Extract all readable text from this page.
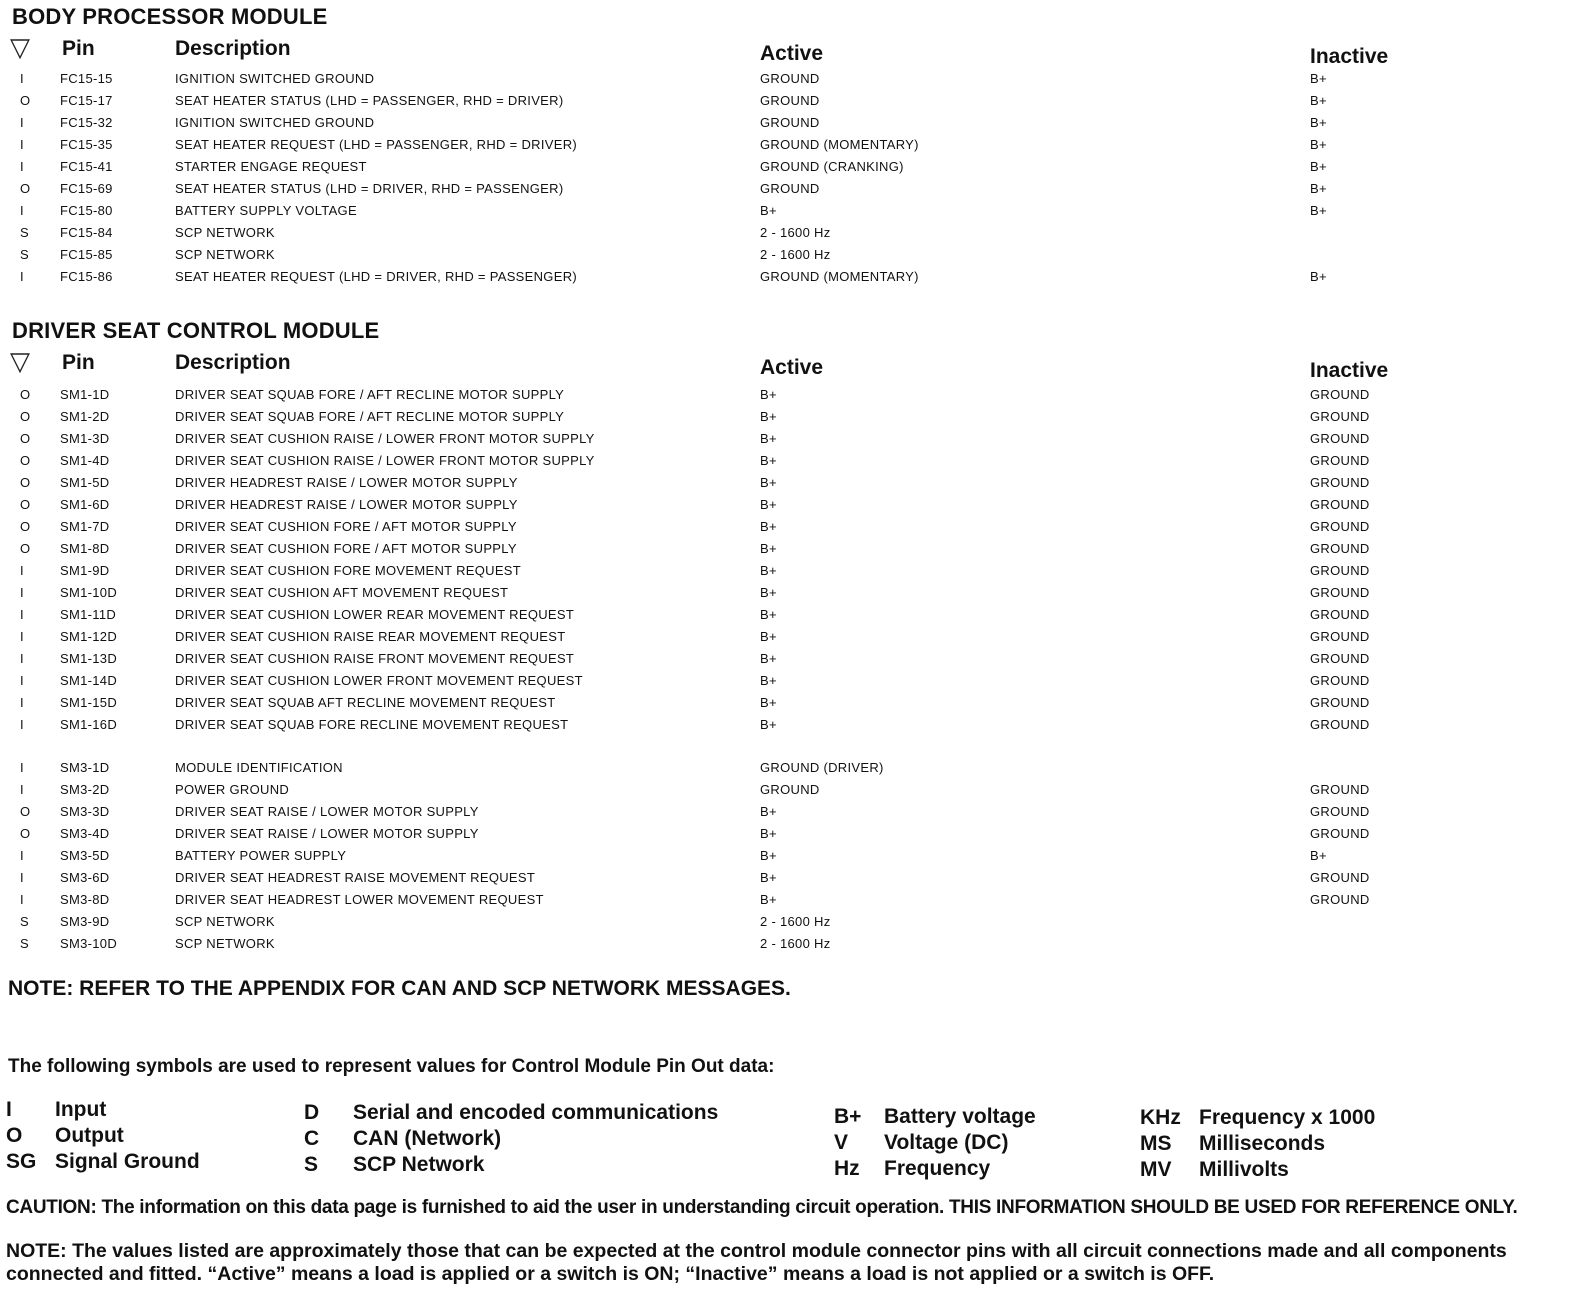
BODY PROCESSOR MODULE
▽ Pin	Description	Active	Inactive
I	FC15-15	IGNITION SWITCHED GROUND	GROUND	B+
O FC15-17	SEAT HEATER STATUS (LHD = PASSENGER, RHD = DRIVER)	GROUND	B+
I	FC15-32	IGNITION SWITCHED GROUND	GROUND	B+
I	FC15-35	SEAT HEATER REQUEST (LHD = PASSENGER, RHD = DRIVER)	GROUND (MOMENTARY)	B+
I	FC15-41	STARTER ENGAGE REQUEST	GROUND (CRANKING)	B+
O FC15-69	SEAT HEATER STATUS (LHD = DRIVER, RHD = PASSENGER)	GROUND	B+
I	FC15-80	BATTERY SUPPLY VOLTAGE	B+	B+
S FC15-84	SCP NETWORK	2 - 1600 Hz
S FC15-85	SCP NETWORK	2 - 1600 Hz
I	FC15-86	SEAT HEATER REQUEST (LHD = DRIVER, RHD = PASSENGER)	GROUND (MOMENTARY)	B+
DRIVER SEAT CONTROL MODULE
▽ Pin	Description	Active	Inactive
O SM1-1D	DRIVER SEAT SQUAB FORE / AFT RECLINE MOTOR SUPPLY	B+	GROUND
O SM1-2D	DRIVER SEAT SQUAB FORE / AFT RECLINE MOTOR SUPPLY	B+	GROUND
O SM1-3D	DRIVER SEAT CUSHION RAISE / LOWER FRONT MOTOR SUPPLY	B+	GROUND
O SM1-4D	DRIVER SEAT CUSHION RAISE / LOWER FRONT MOTOR SUPPLY	B+	GROUND
O SM1-5D	DRIVER HEADREST RAISE / LOWER MOTOR SUPPLY	B+	GROUND
O SM1-6D	DRIVER HEADREST RAISE / LOWER MOTOR SUPPLY	B+	GROUND
O SM1-7D	DRIVER SEAT CUSHION FORE / AFT MOTOR SUPPLY	B+	GROUND
O SM1-8D	DRIVER SEAT CUSHION FORE / AFT MOTOR SUPPLY	B+	GROUND
I	SM1-9D	DRIVER SEAT CUSHION FORE MOVEMENT REQUEST	B+	GROUND
I	SM1-10D	DRIVER SEAT CUSHION AFT MOVEMENT REQUEST	B+	GROUND
I	SM1-11D	DRIVER SEAT CUSHION LOWER REAR MOVEMENT REQUEST	B+	GROUND
I	SM1-12D	DRIVER SEAT CUSHION RAISE REAR MOVEMENT REQUEST	B+	GROUND
I	SM1-13D	DRIVER SEAT CUSHION RAISE FRONT MOVEMENT REQUEST	B+	GROUND
I	SM1-14D	DRIVER SEAT CUSHION LOWER FRONT MOVEMENT REQUEST	B+	GROUND
I	SM1-15D	DRIVER SEAT SQUAB AFT RECLINE MOVEMENT REQUEST	B+	GROUND
I	SM1-16D	DRIVER SEAT SQUAB FORE RECLINE MOVEMENT REQUEST	B+	GROUND
I	SM3-1D	MODULE IDENTIFICATION	GROUND (DRIVER)
I	SM3-2D	POWER GROUND	GROUND	GROUND
O SM3-3D	DRIVER SEAT RAISE / LOWER MOTOR SUPPLY	B+	GROUND
O SM3-4D	DRIVER SEAT RAISE / LOWER MOTOR SUPPLY	B+	GROUND
I	SM3-5D	BATTERY POWER SUPPLY	B+	B+
I	SM3-6D	DRIVER SEAT HEADREST RAISE MOVEMENT REQUEST	B+	GROUND
I	SM3-8D	DRIVER SEAT HEADREST LOWER MOVEMENT REQUEST	B+	GROUND
S SM3-9D	SCP NETWORK	2 - 1600 Hz
S SM3-10D	SCP NETWORK	2 - 1600 Hz
NOTE: REFER TO THE APPENDIX FOR CAN AND SCP NETWORK MESSAGES.
The following symbols are used to represent values for Control Module Pin Out data:
I Input
O Output
SG Signal Ground
D Serial and encoded communications
C CAN (Network)
S SCP Network
B+ Battery voltage
V Voltage (DC)
Hz Frequency
KHz Frequency x 1000
MS Milliseconds
MV Millivolts
CAUTION: The information on this data page is furnished to aid the user in understanding circuit operation. THIS INFORMATION SHOULD BE USED FOR REFERENCE ONLY.
NOTE: The values listed are approximately those that can be expected at the control module connector pins with all circuit connections made and all components connected and fitted. “Active” means a load is applied or a switch is ON; “Inactive” means a load is not applied or a switch is OFF.
